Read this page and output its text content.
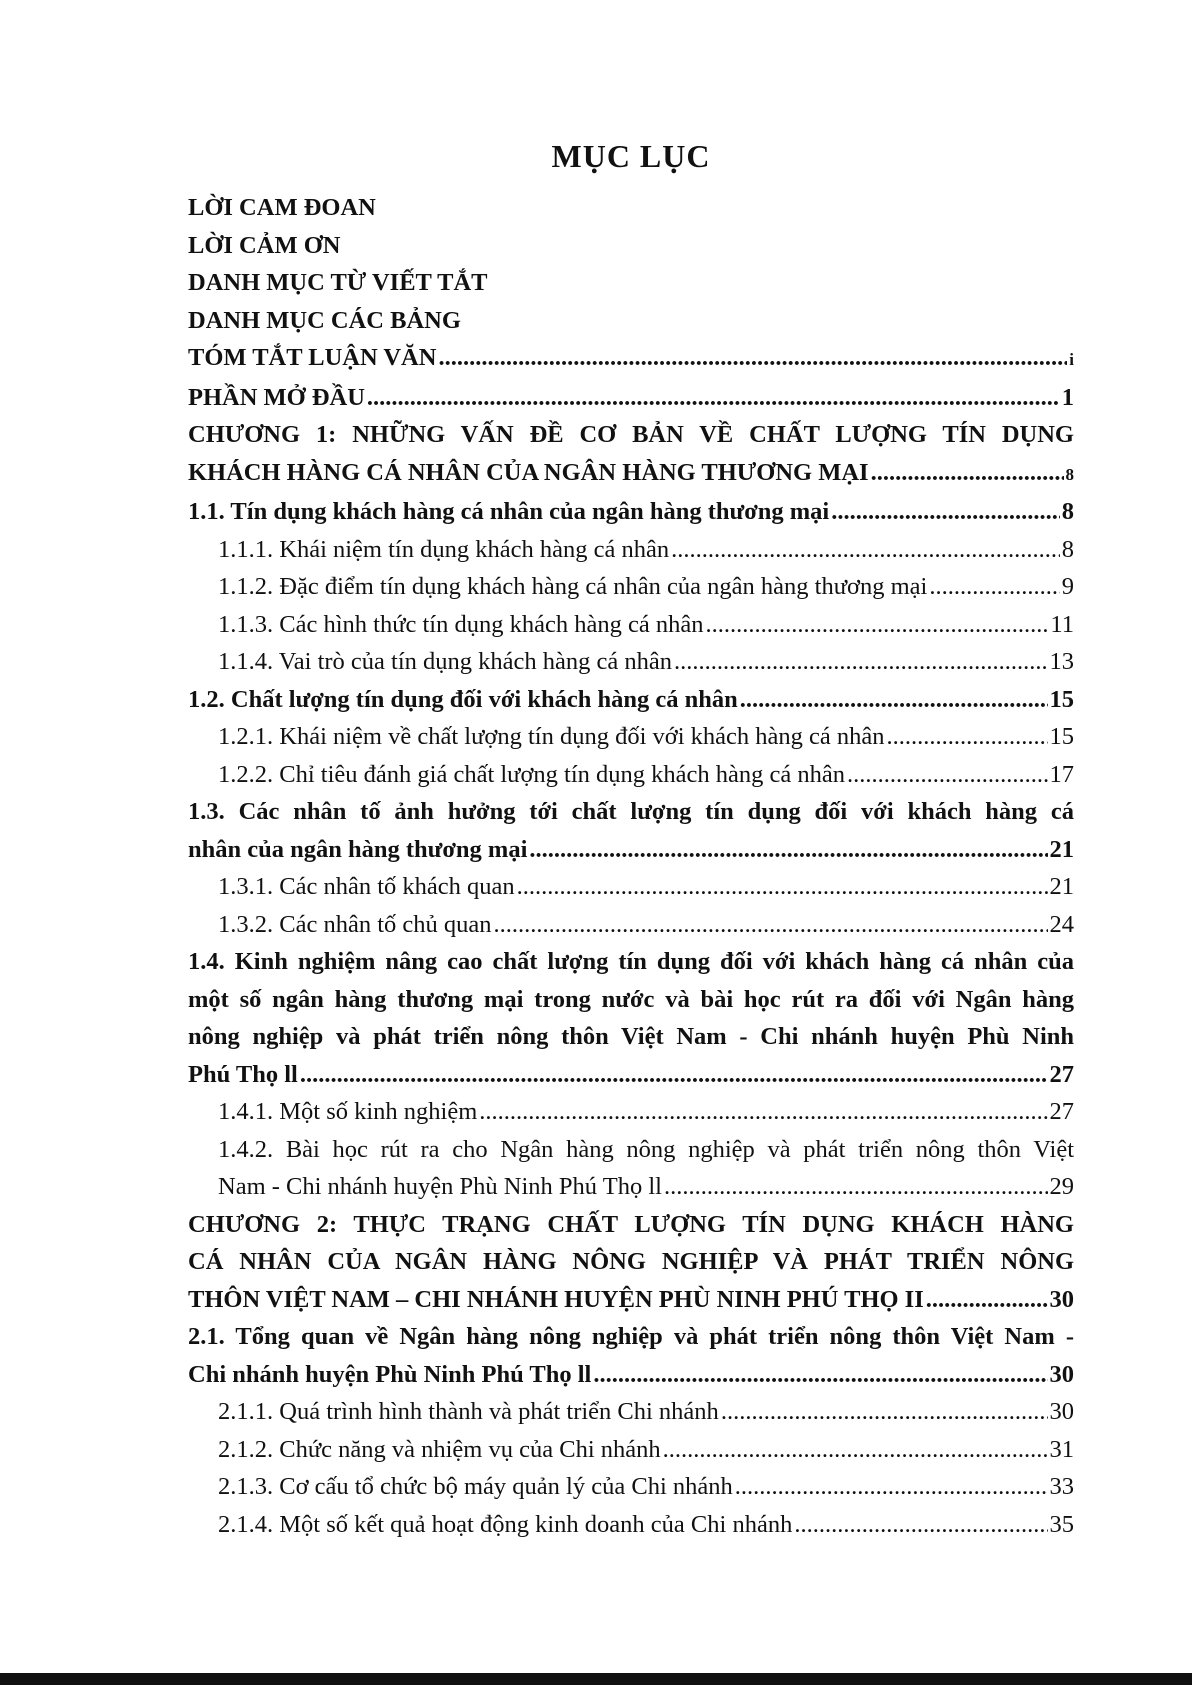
MỤC LỤC
LỜI CAM ĐOAN
LỜI CẢM ƠN
DANH MỤC TỪ VIẾT TẮT
DANH MỤC CÁC BẢNG
TÓM TẮT LUẬN VĂN .....	i
PHẦN MỞ ĐẦU .....	1
CHƯƠNG 1: NHỮNG VẤN ĐỀ CƠ BẢN VỀ CHẤT LƯỢNG TÍN DỤNG
KHÁCH HÀNG CÁ NHÂN CỦA NGÂN HÀNG THƯƠNG MẠI .....	8
1.1. Tín dụng khách hàng cá nhân của ngân hàng thương mại .....	8
1.1.1. Khái niệm tín dụng khách hàng cá nhân .....	8
1.1.2. Đặc điểm tín dụng khách hàng cá nhân của ngân hàng thương mại .....	9
1.1.3. Các hình thức tín dụng khách hàng cá nhân .....	11
1.1.4. Vai trò của tín dụng khách hàng cá nhân .....	13
1.2. Chất lượng tín dụng đối với khách hàng cá nhân .....	15
1.2.1. Khái niệm về chất lượng tín dụng đối với khách hàng cá nhân .....	15
1.2.2. Chỉ tiêu đánh giá chất lượng tín dụng khách hàng cá nhân .....	17
1.3. Các nhân tố ảnh hưởng tới chất lượng tín dụng đối với khách hàng cá
nhân của ngân hàng thương mại .....	21
1.3.1. Các nhân tố khách quan .....	21
1.3.2. Các nhân tố chủ quan .....	24
1.4. Kinh nghiệm nâng cao chất lượng tín dụng đối với khách hàng cá nhân của
một số ngân hàng thương mại trong nước và bài học rút ra đối với Ngân hàng
nông nghiệp và phát triển nông thôn Việt Nam - Chi nhánh huyện Phù Ninh
Phú Thọ ll .....	27
1.4.1. Một số kinh nghiệm .....	27
1.4.2. Bài học rút ra cho Ngân hàng nông nghiệp và phát triển nông thôn Việt
Nam - Chi nhánh huyện Phù Ninh Phú Thọ ll .....	29
CHƯƠNG 2: THỰC TRẠNG CHẤT LƯỢNG TÍN DỤNG KHÁCH HÀNG
CÁ NHÂN CỦA NGÂN HÀNG NÔNG NGHIỆP VÀ PHÁT TRIỂN NÔNG
THÔN VIỆT NAM – CHI NHÁNH HUYỆN PHÙ NINH PHÚ THỌ II .....	30
2.1. Tổng quan về Ngân hàng nông nghiệp và phát triển nông thôn Việt Nam -
Chi nhánh huyện Phù Ninh Phú Thọ ll .....	30
2.1.1. Quá trình hình thành và phát triển Chi nhánh .....	30
2.1.2. Chức năng và nhiệm vụ của Chi nhánh .....	31
2.1.3. Cơ cấu tổ chức bộ máy quản lý của Chi nhánh .....	33
2.1.4. Một số kết quả hoạt động kinh doanh của Chi nhánh .....	35
